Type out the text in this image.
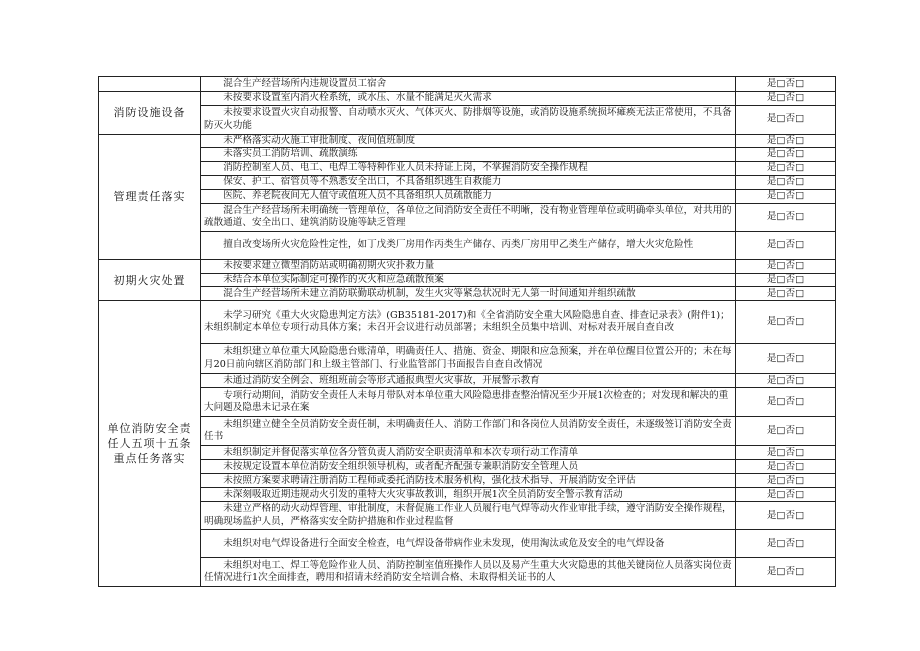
	混合生产经营场所内违规设置员工宿舍	是□否□
消防设施设备	未按要求设置室内消火栓系统，或水压、水量不能满足灭火需求	是□否□
	未按要求设置火灾自动报警、自动喷水灭火、气体灭火、防排烟等设施，或消防设施系统损坏瘫痪无法正常使用，不具备防灭火功能	是□否□
管理责任落实	未严格落实动火施工审批制度、夜间值班制度	是□否□
	未落实员工消防培训、疏散演练	是□否□
	消防控制室人员、电工、电焊工等特种作业人员未持证上岗，不掌握消防安全操作规程	是□否□
	保安、护工、宿管员等不熟悉安全出口，不具备组织逃生自救能力	是□否□
	医院、养老院夜间无人值守或值班人员不具备组织人员疏散能力	是□否□
	混合生产经营场所未明确统一管理单位，各单位之间消防安全责任不明晰，没有物业管理单位或明确牵头单位，对共用的疏散通道、安全出口、建筑消防设施等缺乏管理	是□否□
	擅自改变场所火灾危险性定性，如丁戊类厂房用作丙类生产储存、丙类厂房用甲乙类生产储存，增大火灾危险性	是□否□
初期火灾处置	未按要求建立微型消防站或明确初期火灾扑救力量	是□否□
	未结合本单位实际制定可操作的灭火和应急疏散预案	是□否□
	混合生产经营场所未建立消防联勤联动机制，发生火灾等紧急状况时无人第一时间通知并组织疏散	是□否□
单位消防安全责任人五项十五条重点任务落实	未学习研究《重大火灾隐患判定方法》(GB35181-2017)和《全省消防安全重大风险隐患自查、排查记录表》(附件1)；未组织制定本单位专项行动具体方案；未召开会议进行动员部署；未组织全员集中培训、对标对表开展自查自改	是□否□
	未组织建立单位重大风险隐患台账清单，明确责任人、措施、资金、期限和应急预案，并在单位醒目位置公开的；未在每月20日前向辖区消防部门和上级主管部门、行业监管部门书面报告自查自改情况	是□否□
	未通过消防安全例会、班组班前会等形式通报典型火灾事故，开展警示教育	是□否□
	专项行动期间，消防安全责任人未每月带队对本单位重大风险隐患排查整治情况至少开展1次检查的；对发现和解决的重大问题及隐患未记录在案	是□否□
	未组织建立健全全员消防安全责任制，未明确责任人、消防工作部门和各岗位人员消防安全责任，未逐级签订消防安全责任书	是□否□
	未组织制定并督促落实单位各分管负责人消防安全职责清单和本次专项行动工作清单	是□否□
	未按规定设置本单位消防安全组织领导机构，或者配齐配强专兼职消防安全管理人员	是□否□
	未按照方案要求聘请注册消防工程师或委托消防技术服务机构，强化技术指导、开展消防安全评估	是□否□
	未深刻吸取近期违规动火引发的重特大火灾事故教训，组织开展1次全员消防安全警示教育活动	是□否□
	未建立严格的动火动焊管理、审批制度，未督促施工作业人员履行电气焊等动火作业审批手续，遵守消防安全操作规程，明确现场监护人员，严格落实安全防护措施和作业过程监督	是□否□
	未组织对电气焊设备进行全面安全检查，电气焊设备带病作业未发现，使用淘汰或危及安全的电气焊设备	是□否□
	未组织对电工、焊工等危险作业人员、消防控制室值班操作人员以及易产生重大火灾隐患的其他关键岗位人员落实岗位责任情况进行1次全面排查，聘用和招请未经消防安全培训合格、未取得相关证书的人	是□否□
